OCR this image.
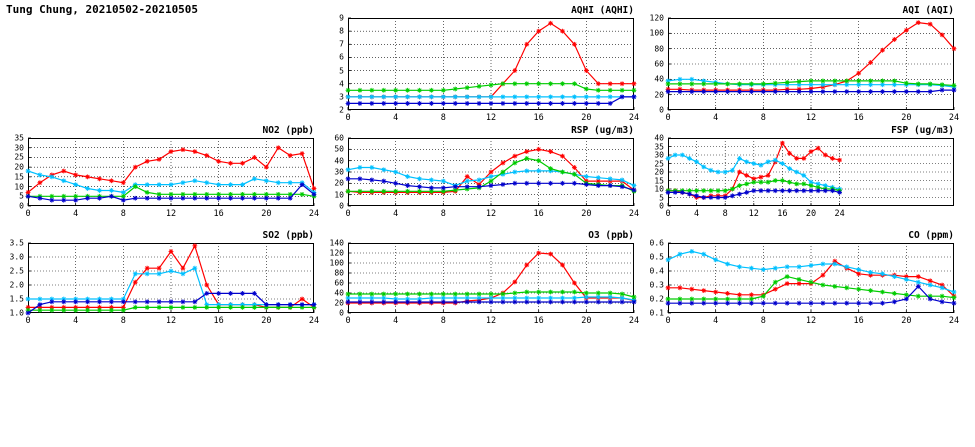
Tung Chung, 20210502-20210505	AQHI (AQHI)
2
3
4
5
6
7
8
9
0	4	8	12	16	20	24
AQI (AQI)
0
20
40
60
80
100
120
0	4	8	12	16	20	24
NO2 (ppb)
0
5
10
15
20
25
30
35
0	4	8	12	16	20	24
RSP (ug/m3)
0
10
20
30
40
50
60
0	4	8	12	16	20	24
FSP (ug/m3)
0
5
10
15
20
25
30
35
40
0	4	8 12 16 20 24
SO2 (ppb)
1.0
1.5
2.0
2.5
3.0
3.5
0	4	8	12	16	20	24
O3 (ppb)
0
20
40
60
80
100
120
140
0	4	8	12	16	20	24
CO (ppm)
0.1
0.2
0.3
0.4
0.5
0.6
0	4	8	12	16	20	24
